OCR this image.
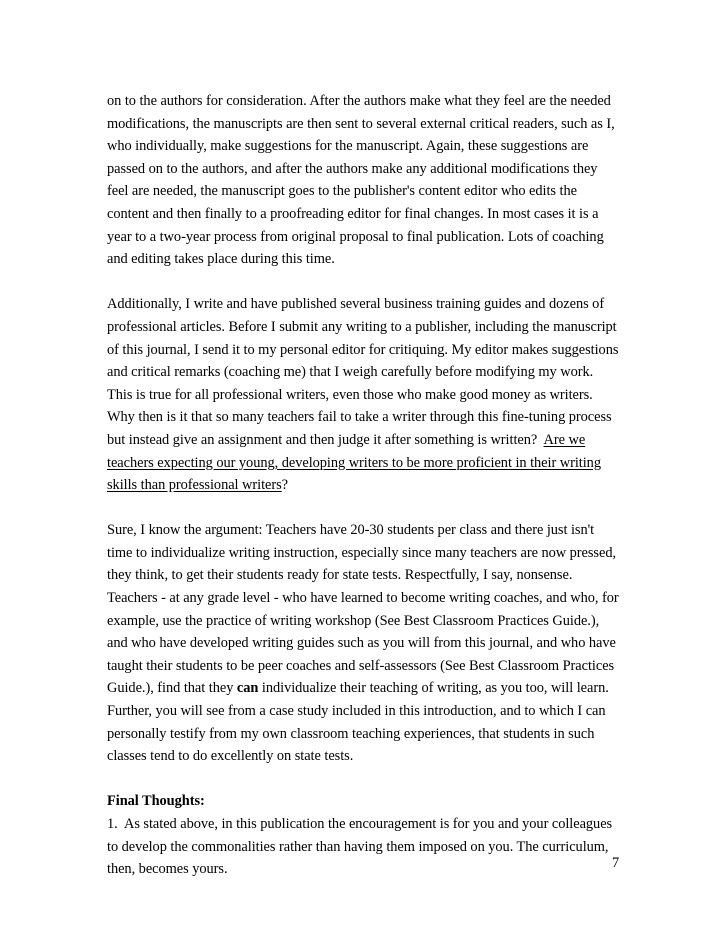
on to the authors for consideration. After the authors make what they feel are the needed
modifications, the manuscripts are then sent to several external critical readers, such as I,
who individually, make suggestions for the manuscript. Again, these suggestions are
passed on to the authors, and after the authors make any additional modifications they
feel are needed, the manuscript goes to the publisher's content editor who edits the
content and then finally to a proofreading editor for final changes. In most cases it is a
year to a two-year process from original proposal to final publication. Lots of coaching
and editing takes place during this time.

Additionally, I write and have published several business training guides and dozens of
professional articles. Before I submit any writing to a publisher, including the manuscript
of this journal, I send it to my personal editor for critiquing. My editor makes suggestions
and critical remarks (coaching me) that I weigh carefully before modifying my work.
This is true for all professional writers, even those who make good money as writers.
Why then is it that so many teachers fail to take a writer through this fine-tuning process
but instead give an assignment and then judge it after something is written?  Are we
teachers expecting our young, developing writers to be more proficient in their writing
skills than professional writers?

Sure, I know the argument: Teachers have 20-30 students per class and there just isn't
time to individualize writing instruction, especially since many teachers are now pressed,
they think, to get their students ready for state tests. Respectfully, I say, nonsense.
Teachers - at any grade level - who have learned to become writing coaches, and who, for
example, use the practice of writing workshop (See Best Classroom Practices Guide.),
and who have developed writing guides such as you will from this journal, and who have
taught their students to be peer coaches and self-assessors (See Best Classroom Practices
Guide.), find that they can individualize their teaching of writing, as you too, will learn.
Further, you will see from a case study included in this introduction, and to which I can
personally testify from my own classroom teaching experiences, that students in such
classes tend to do excellently on state tests.

Final Thoughts:
1.  As stated above, in this publication the encouragement is for you and your colleagues
to develop the commonalities rather than having them imposed on you. The curriculum,
then, becomes yours.	7
